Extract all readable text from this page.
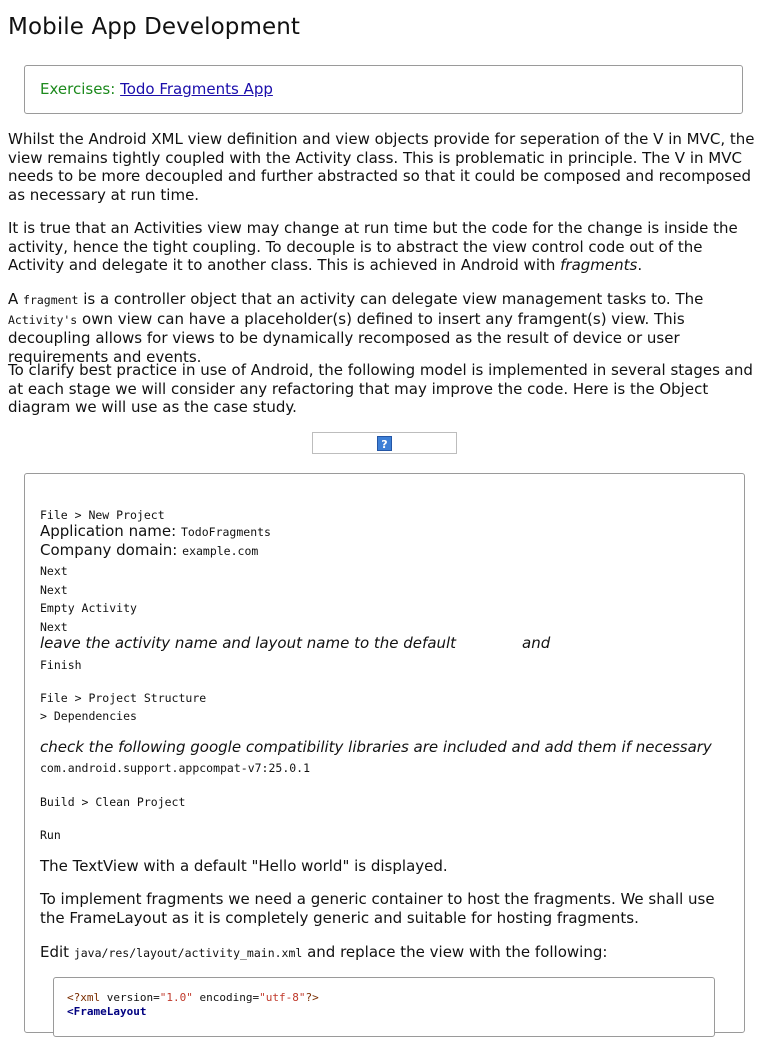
Mobile App Development
Exercises: Todo Fragments App

Whilst the Android XML view definition and view objects provide for seperation of the V in MVC, the view remains tightly coupled with the Activity class. This is problematic in principle. The V in MVC needs to be more decoupled and further abstracted so that it could be composed and recomposed as necessary at run time.

It is true that an Activities view may change at run time but the code for the change is inside the activity, hence the tight coupling. To decouple is to abstract the view control code out of the Activity and delegate it to another class. This is achieved in Android with fragments.

A fragment is a controller object that an activity can delegate view management tasks to. The Activity's own view can have a placeholder(s) defined to insert any framgent(s) view. This decoupling allows for views to be dynamically recomposed as the result of device or user requirements and events.

To clarify best practice in use of Android, the following model is implemented in several stages and at each stage we will consider any refactoring that may improve the code. Here is the Object diagram we will use as the case study.

?
File > New Project
Application name: TodoFragments
Company domain: example.com
Next
Next
Empty Activity
Next
leave the activity name and layout name to the default	and
Finish
File > Project Structure
> Dependencies
check the following google compatibility libraries are included and add them if necessary
com.android.support.appcompat-v7:25.0.1
Build > Clean Project
Run
The TextView with a default "Hello world" is displayed.

To implement fragments we need a generic container to host the fragments. We shall use the FrameLayout as it is completely generic and suitable for hosting fragments.

Edit java/res/layout/activity_main.xml and replace the view with the following:
<?xml version="1.0" encoding="utf-8"?>
<FrameLayout
